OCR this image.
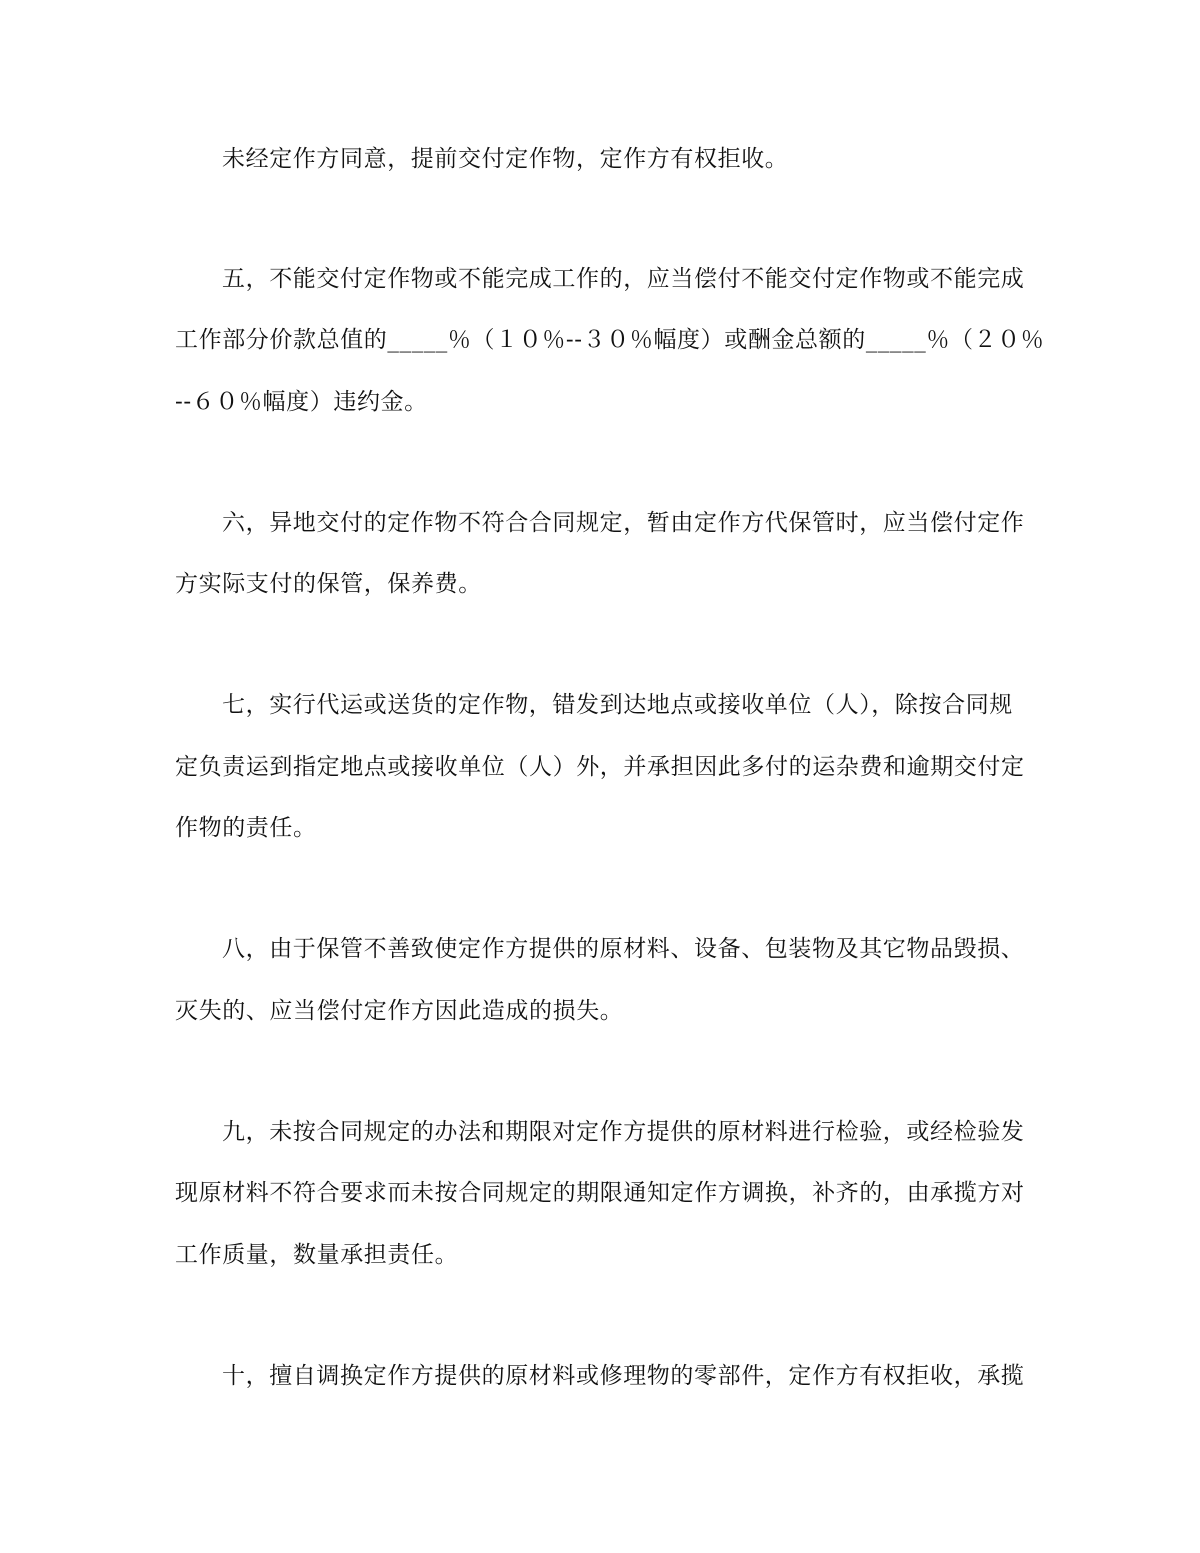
未经定作方同意，提前交付定作物，定作方有权拒收。
五，不能交付定作物或不能完成工作的，应当偿付不能交付定作物或不能完成
工作部分价款总值的_____％（１０％--３０％幅度）或酬金总额的_____％（２０％
--６０％幅度）违约金。
六，异地交付的定作物不符合合同规定，暂由定作方代保管时，应当偿付定作
方实际支付的保管，保养费。
七，实行代运或送货的定作物，错发到达地点或接收单位（人），除按合同规
定负责运到指定地点或接收单位（人）外，并承担因此多付的运杂费和逾期交付定
作物的责任。
八，由于保管不善致使定作方提供的原材料、设备、包装物及其它物品毁损、
灭失的、应当偿付定作方因此造成的损失。
九，未按合同规定的办法和期限对定作方提供的原材料进行检验，或经检验发
现原材料不符合要求而未按合同规定的期限通知定作方调换，补齐的，由承揽方对
工作质量，数量承担责任。
十，擅自调换定作方提供的原材料或修理物的零部件，定作方有权拒收，承揽
